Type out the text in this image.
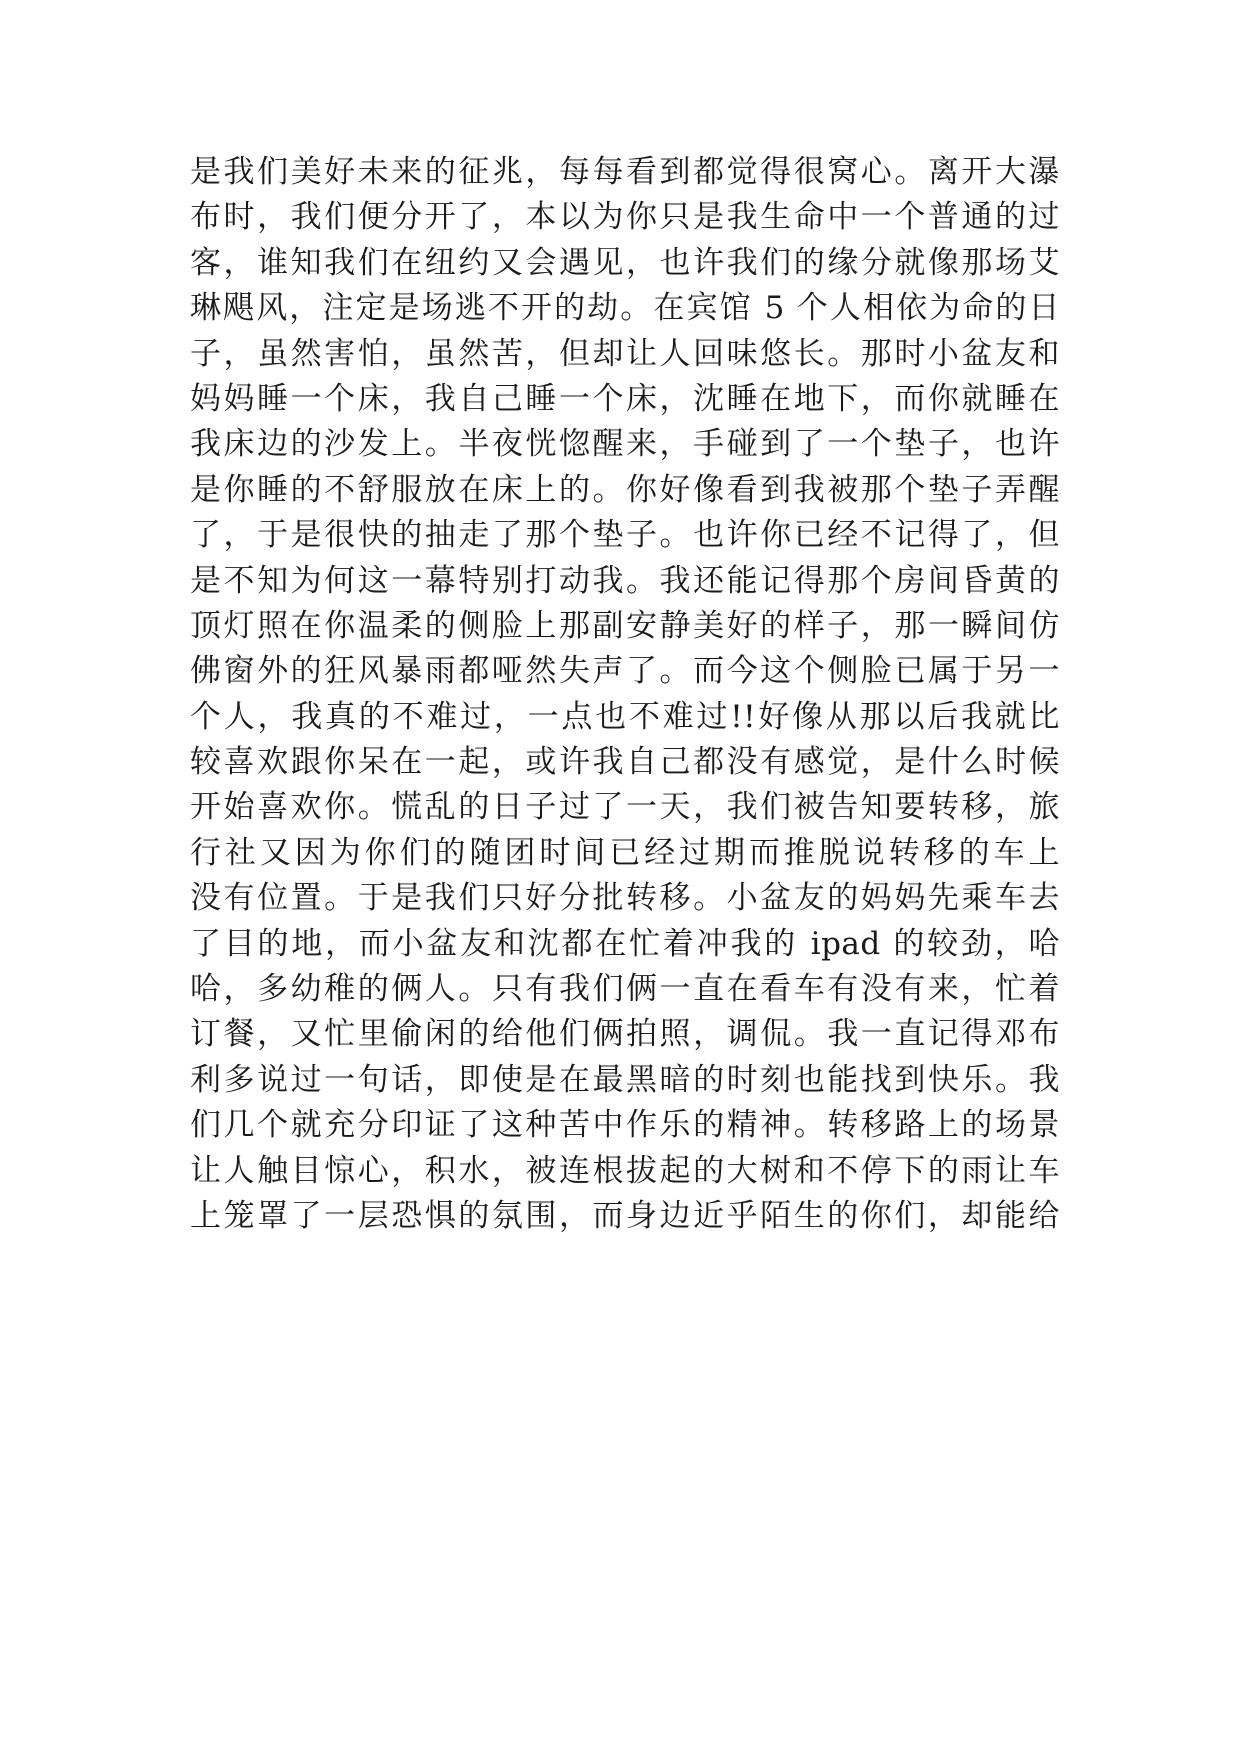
是我们美好未来的征兆，每每看到都觉得很窝心。离开大瀑
布时，我们便分开了，本以为你只是我生命中一个普通的过
客，谁知我们在纽约又会遇见，也许我们的缘分就像那场艾
琳飓风，注定是场逃不开的劫。在宾馆 5 个人相依为命的日
子，虽然害怕，虽然苦，但却让人回味悠长。那时小盆友和
妈妈睡一个床，我自己睡一个床，沈睡在地下，而你就睡在
我床边的沙发上。半夜恍惚醒来，手碰到了一个垫子，也许
是你睡的不舒服放在床上的。你好像看到我被那个垫子弄醒
了，于是很快的抽走了那个垫子。也许你已经不记得了，但
是不知为何这一幕特别打动我。我还能记得那个房间昏黄的
顶灯照在你温柔的侧脸上那副安静美好的样子，那一瞬间仿
佛窗外的狂风暴雨都哑然失声了。而今这个侧脸已属于另一
个人，我真的不难过，一点也不难过!!好像从那以后我就比
较喜欢跟你呆在一起，或许我自己都没有感觉，是什么时候
开始喜欢你。慌乱的日子过了一天，我们被告知要转移，旅
行社又因为你们的随团时间已经过期而推脱说转移的车上
没有位置。于是我们只好分批转移。小盆友的妈妈先乘车去
了目的地，而小盆友和沈都在忙着冲我的 ipad 的较劲，哈
哈，多幼稚的俩人。只有我们俩一直在看车有没有来，忙着
订餐，又忙里偷闲的给他们俩拍照，调侃。我一直记得邓布
利多说过一句话，即使是在最黑暗的时刻也能找到快乐。我
们几个就充分印证了这种苦中作乐的精神。转移路上的场景
让人触目惊心，积水，被连根拔起的大树和不停下的雨让车
上笼罩了一层恐惧的氛围，而身边近乎陌生的你们，却能给
